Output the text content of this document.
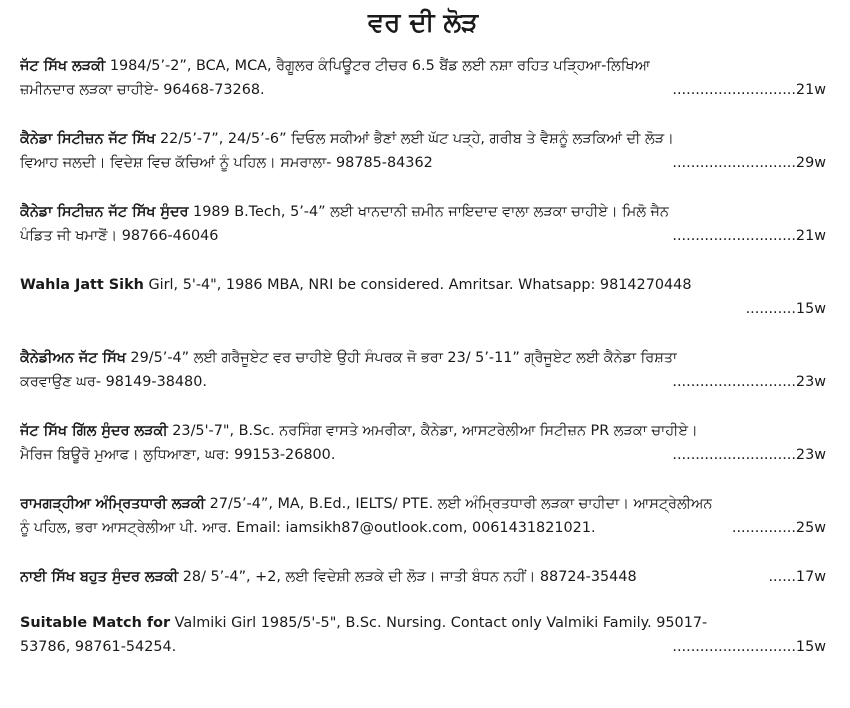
ਵਰ ਦੀ ਲੋੜ
ਜੱਟ ਸਿੱਖ ਲੜਕੀ 1984/5’-2”, BCA, MCA, ਰੈਗੂਲਰ ਕੰਪਿਊਟਰ ਟੀਚਰ 6.5 ਬੈਂਡ ਲਈ ਨਸ਼ਾ ਰਹਿਤ ਪੜ੍ਹਿਆ-ਲਿਖਿਆ
ਜ਼ਮੀਨਦਾਰ ਲੜਕਾ ਚਾਹੀਏ- 96468-73268.	...........................21w
ਕੈਨੇਡਾ ਸਿਟੀਜ਼ਨ ਜੱਟ ਸਿੱਖ 22/5’-7”, 24/5’-6” ਦਿਓਲ ਸਕੀਆਂ ਭੈਣਾਂ ਲਈ ਘੱਟ ਪੜ੍ਹੇ, ਗਰੀਬ ਤੇ ਵੈਸ਼ਨੂੰ ਲੜਕਿਆਂ ਦੀ ਲੋੜ।
ਵਿਆਹ ਜਲਦੀ। ਵਿਦੇਸ਼ ਵਿਚ ਕੱਚਿਆਂ ਨੂੰ ਪਹਿਲ। ਸਮਰਾਲਾ- 98785-84362	...........................29w
ਕੈਨੇਡਾ ਸਿਟੀਜ਼ਨ ਜੱਟ ਸਿੱਖ ਸੁੰਦਰ 1989 B.Tech, 5’-4” ਲਈ ਖਾਨਦਾਨੀ ਜ਼ਮੀਨ ਜਾਇਦਾਦ ਵਾਲਾ ਲੜਕਾ ਚਾਹੀਏ। ਮਿਲੋ ਜੈਨ
ਪੰਡਿਤ ਜੀ ਖਮਾਣੋਂ। 98766-46046	...........................21w
Wahla Jatt Sikh Girl, 5'-4", 1986 MBA, NRI be considered. Amritsar. Whatsapp: 9814270448
...........15w
ਕੈਨੇਡੀਅਨ ਜੱਟ ਸਿੱਖ 29/5’-4” ਲਈ ਗਰੈਜੂਏਟ ਵਰ ਚਾਹੀਏ ਉਹੀ ਸੰਪਰਕ ਜੋ ਭਰਾ 23/ 5’-11” ਗ੍ਰੈਜੂਏਟ ਲਈ ਕੈਨੇਡਾ ਰਿਸ਼ਤਾ
ਕਰਵਾਉਣ ਘਰ- 98149-38480.	...........................23w
ਜੱਟ ਸਿੱਖ ਗਿੱਲ ਸੁੰਦਰ ਲੜਕੀ 23/5'-7", B.Sc. ਨਰਸਿੰਗ ਵਾਸਤੇ ਅਮਰੀਕਾ, ਕੈਨੇਡਾ, ਆਸਟਰੇਲੀਆ ਸਿਟੀਜ਼ਨ PR ਲੜਕਾ ਚਾਹੀਏ।
ਮੈਰਿਜ ਬਿਊਰੋ ਮੁਆਫ। ਲੁਧਿਆਣਾ, ਘਰ: 99153-26800.	...........................23w
ਰਾਮਗੜ੍ਹੀਆ ਅੰਮ੍ਰਿਤਧਾਰੀ ਲੜਕੀ 27/5’-4”, MA, B.Ed., IELTS/ PTE. ਲਈ ਅੰਮ੍ਰਿਤਧਾਰੀ ਲੜਕਾ ਚਾਹੀਦਾ। ਆਸਟ੍ਰੇਲੀਅਨ
ਨੂੰ ਪਹਿਲ, ਭਰਾ ਆਸਟ੍ਰੇਲੀਆ ਪੀ. ਆਰ. Email: iamsikh87@outlook.com, 0061431821021.	..............25w
ਨਾਈ ਸਿੱਖ ਬਹੁਤ ਸੁੰਦਰ ਲੜਕੀ 28/ 5’-4”, +2, ਲਈ ਵਿਦੇਸ਼ੀ ਲੜਕੇ ਦੀ ਲੋੜ। ਜਾਤੀ ਬੰਧਨ ਨਹੀਂ। 88724-35448	......17w
Suitable Match for Valmiki Girl 1985/5'-5", B.Sc. Nursing. Contact only Valmiki Family. 95017-
53786, 98761-54254.	...........................15w
